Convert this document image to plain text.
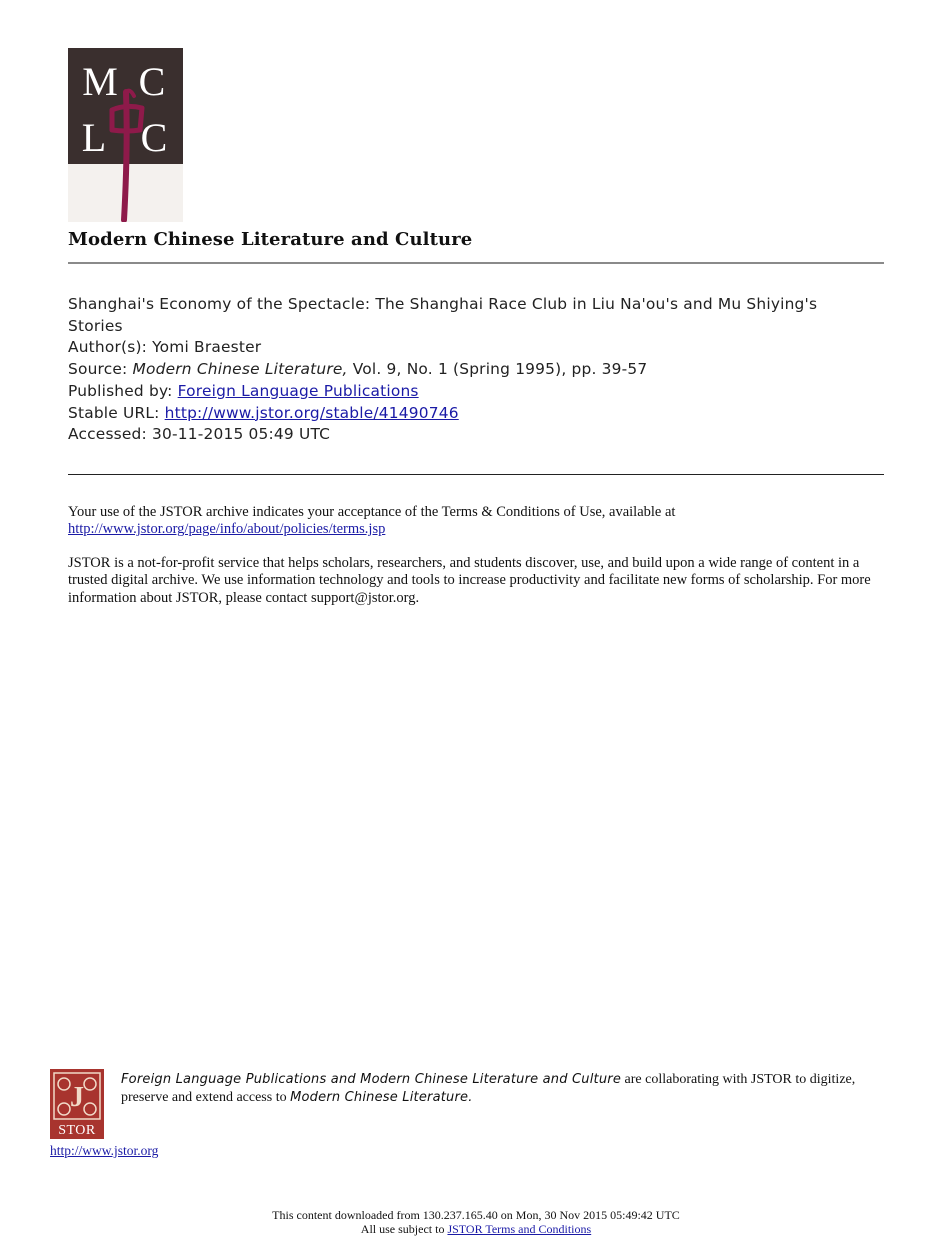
M C
L C
Modern Chinese Literature and Culture
Shanghai's Economy of the Spectacle: The Shanghai Race Club in Liu Na'ou's and Mu Shiying's Stories
Author(s): Yomi Braester
Source: Modern Chinese Literature, Vol. 9, No. 1 (Spring 1995), pp. 39-57
Published by: Foreign Language Publications
Stable URL: http://www.jstor.org/stable/41490746
Accessed: 30-11-2015 05:49 UTC
Your use of the JSTOR archive indicates your acceptance of the Terms & Conditions of Use, available at http://www.jstor.org/page/info/about/policies/terms.jsp
JSTOR is a not-for-profit service that helps scholars, researchers, and students discover, use, and build upon a wide range of content in a trusted digital archive. We use information technology and tools to increase productivity and facilitate new forms of scholarship. For more information about JSTOR, please contact support@jstor.org.
J
STOR
http://www.jstor.org
Foreign Language Publications and Modern Chinese Literature and Culture are collaborating with JSTOR to digitize, preserve and extend access to Modern Chinese Literature.
This content downloaded from 130.237.165.40 on Mon, 30 Nov 2015 05:49:42 UTC
All use subject to JSTOR Terms and Conditions
